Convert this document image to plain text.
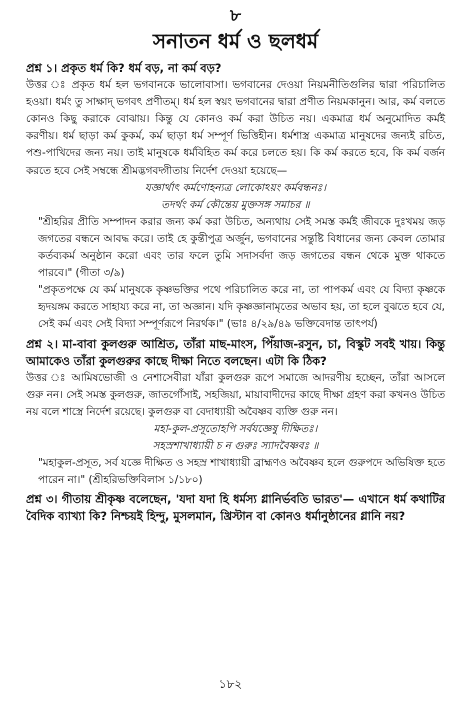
৮
সনাতন ধর্ম ও ছলধর্ম

প্রশ্ন ১। প্রকৃত ধর্ম কি? ধর্ম বড়, না কর্ম বড়?

উত্তর ঃ প্রকৃত ধর্ম হল ভগবানকে ভালোবাসা। ভগবানের দেওয়া নিয়মনীতিগুলির দ্বারা পরিচালিত হওয়া। ধর্মং তু সাক্ষাদ্ ভগবৎ প্রণীতম্। ধর্ম হল স্বয়ং ভগবানের দ্বারা প্রণীত নিয়মকানুন। আর, কর্ম বলতে কোনও কিছু করাকে বোঝায়। কিন্তু যে কোনও কর্ম করা উচিত নয়। একমাত্র ধর্ম অনুমোদিত কর্মই করণীয়। ধর্ম ছাড়া কর্ম কুকর্ম, কর্ম ছাড়া ধর্ম সম্পূর্ণ ভিত্তিহীন। ধর্মশাস্ত্র একমাত্র মানুষদের জন্যই রচিত, পশু-পাখিদের জন্য নয়। তাই মানুষকে ধর্মবিহিত কর্ম করে চলতে হয়। কি কর্ম করতে হবে, কি কর্ম বর্জন করতে হবে সেই সম্বন্ধে শ্রীমদ্ভগবদ্গীতায় নির্দেশ দেওয়া হয়েছে—

যজ্ঞার্থাৎ কর্মণোহন্যত্র লোকোঽয়ং কর্মবন্ধনঃ।

তদর্থং কর্ম কৌন্তেয় মুক্তসঙ্গ সমাচর ॥

"শ্রীহরির প্রীতি সম্পাদন করার জন্য কর্ম করা উচিত, অন্যথায় সেই সমস্ত কর্মই জীবকে দুঃখময় জড় জগতের বন্ধনে আবদ্ধ করে। তাই হে কুন্তীপুত্র অর্জুন, ভগবানের সন্তুষ্টি বিধানের জন্য কেবল তোমার কর্তব্যকর্ম অনুষ্ঠান করো এবং তার ফলে তুমি সদাসর্বদা জড় জগতের বন্ধন থেকে মুক্ত থাকতে পারবে।" (গীতা ৩/৯)

"প্রকৃতপক্ষে যে কর্ম মানুষকে কৃষ্ণভক্তির পথে পরিচালিত করে না, তা পাপকর্ম এবং যে বিদ্যা কৃষ্ণকে হৃদয়ঙ্গম করতে সাহায্য করে না, তা অজ্ঞান। যদি কৃষ্ণজ্ঞানামৃতের অভাব হয়, তা হলে বুঝতে হবে যে, সেই কর্ম এবং সেই বিদ্যা সম্পূর্ণরূপে নিরর্থক।" (ভাঃ ৪/২৯/৪৯ ভক্তিবেদান্ত তাৎপর্য)

প্রশ্ন ২। মা-বাবা কুলগুরু আশ্রিত, তাঁরা মাছ-মাংস, পিঁয়াজ-রসুন, চা, বিস্কুট সবই খায়। কিন্তু আমাকেও তাঁরা কুলগুরুর কাছে দীক্ষা নিতে বলছেন। এটা কি ঠিক?

উত্তর ঃ আমিষভোজী ও নেশাসেবীরা যাঁরা কুলগুরু রূপে সমাজে আদরণীয় হচ্ছেন, তাঁরা আসলে গুরু নন। সেই সমস্ত কুলগুরু, জাতগোঁসাই, সহজিয়া, মায়াবাদীদের কাছে দীক্ষা গ্রহণ করা কখনও উচিত নয় বলে শাস্ত্রে নির্দেশ রয়েছে। কুলগুরু বা বেদাধ্যায়ী অবৈষ্ণব ব্যক্তি গুরু নন।

মহা-কুল-প্রসূতোহপি সর্বযজ্ঞেষু দীক্ষিতঃ।

সহস্রশাখাধ্যায়ী চ ন গুরুঃ স্যাদবৈষ্ণবঃ ॥

"মহাকুল-প্রসূত, সর্ব যজ্ঞে দীক্ষিত ও সহস্র শাখাধ্যায়ী ব্রাহ্মণও অবৈষ্ণব হলে গুরুপদে অভিষিক্ত হতে পারেন না।" (শ্রীহরিভক্তিবিলাস ১/১৮০)

প্রশ্ন ৩। গীতায় শ্রীকৃষ্ণ বলেছেন, 'যদা যদা হি ধর্মস্য গ্লানির্ভবতি ভারত'— এখানে ধর্ম কথাটির বৈদিক ব্যাখ্যা কি? নিশ্চয়ই হিন্দু, মুসলমান, খ্রিস্টান বা কোনও ধর্মানুষ্ঠানের গ্লানি নয়?

১৮২
